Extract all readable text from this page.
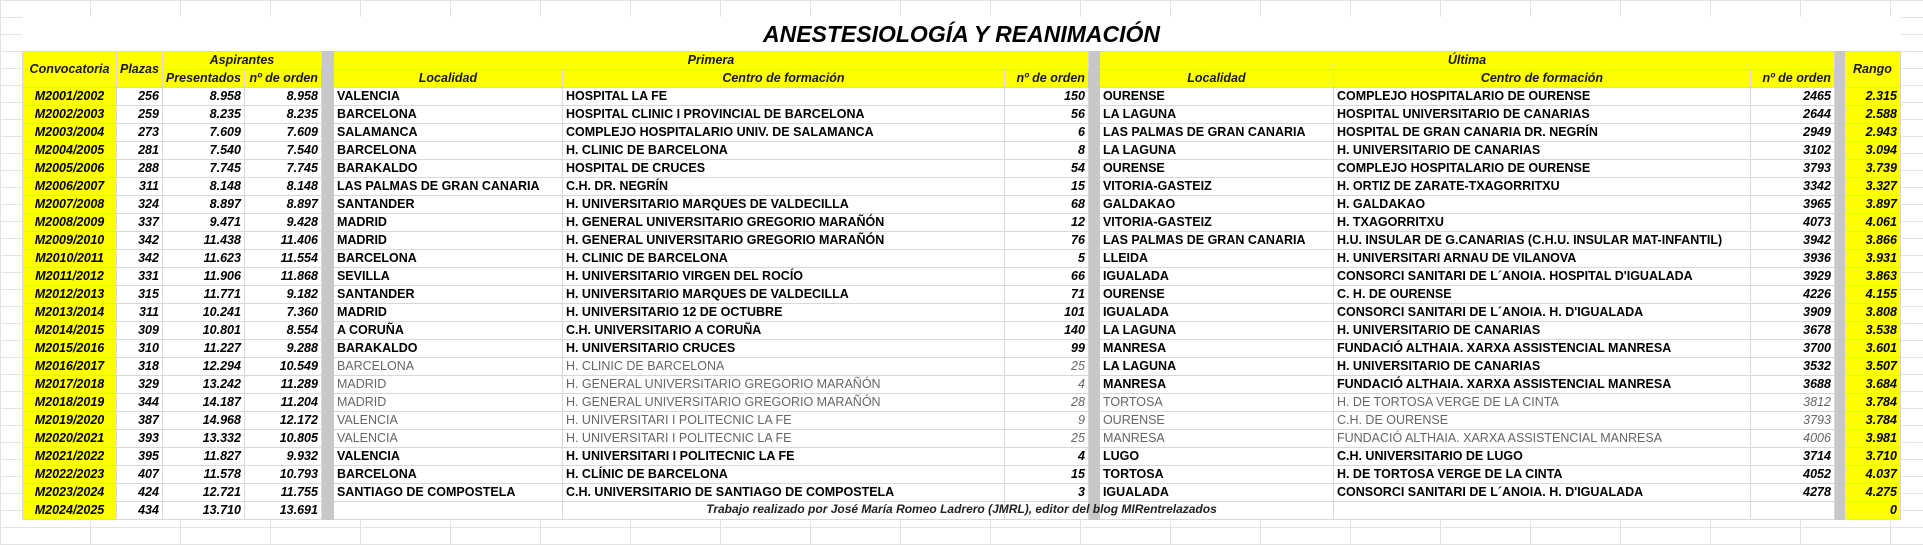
ANESTESIOLOGÍA Y REANIMACIÓN													
Convocatoria	Plazas	Aspirantes			Primera				Última				Rango
		Presentados	nº de orden		Localidad	Centro de formación	nº de orden		Localidad	Centro de formación	nº de orden		
M2001/2002	256	8.958	8.958		VALENCIA	HOSPITAL LA FE	150		OURENSE	COMPLEJO HOSPITALARIO DE OURENSE	2465		2.315
M2002/2003	259	8.235	8.235		BARCELONA	HOSPITAL CLINIC I PROVINCIAL DE BARCELONA	56		LA LAGUNA	HOSPITAL UNIVERSITARIO DE CANARIAS	2644		2.588
M2003/2004	273	7.609	7.609		SALAMANCA	COMPLEJO HOSPITALARIO UNIV. DE SALAMANCA	6		LAS PALMAS DE GRAN CANARIA	HOSPITAL DE GRAN CANARIA DR. NEGRÍN	2949		2.943
M2004/2005	281	7.540	7.540		BARCELONA	H. CLINIC DE BARCELONA	8		LA LAGUNA	H. UNIVERSITARIO DE CANARIAS	3102		3.094
M2005/2006	288	7.745	7.745		BARAKALDO	HOSPITAL DE CRUCES	54		OURENSE	COMPLEJO HOSPITALARIO DE OURENSE	3793		3.739
M2006/2007	311	8.148	8.148		LAS PALMAS DE GRAN CANARIA	C.H. DR. NEGRÍN	15		VITORIA-GASTEIZ	H. ORTIZ DE ZARATE-TXAGORRITXU	3342		3.327
M2007/2008	324	8.897	8.897		SANTANDER	H. UNIVERSITARIO MARQUES DE VALDECILLA	68		GALDAKAO	H. GALDAKAO	3965		3.897
M2008/2009	337	9.471	9.428		MADRID	H. GENERAL UNIVERSITARIO GREGORIO MARAÑÓN	12		VITORIA-GASTEIZ	H. TXAGORRITXU	4073		4.061
M2009/2010	342	11.438	11.406		MADRID	H. GENERAL UNIVERSITARIO GREGORIO MARAÑÓN	76		LAS PALMAS DE GRAN CANARIA	H.U. INSULAR DE G.CANARIAS (C.H.U. INSULAR MAT-INFANTIL)	3942		3.866
M2010/2011	342	11.623	11.554		BARCELONA	H. CLINIC DE BARCELONA	5		LLEIDA	H. UNIVERSITARI ARNAU DE VILANOVA	3936		3.931
M2011/2012	331	11.906	11.868		SEVILLA	H. UNIVERSITARIO VIRGEN DEL ROCÍO	66		IGUALADA	CONSORCI SANITARI DE L´ANOIA. HOSPITAL D'IGUALADA	3929		3.863
M2012/2013	315	11.771	9.182		SANTANDER	H. UNIVERSITARIO MARQUES DE VALDECILLA	71		OURENSE	C. H. DE OURENSE	4226		4.155
M2013/2014	311	10.241	7.360		MADRID	H. UNIVERSITARIO 12 DE OCTUBRE	101		IGUALADA	CONSORCI SANITARI DE L´ANOIA. H. D'IGUALADA	3909		3.808
M2014/2015	309	10.801	8.554		A CORUÑA	C.H. UNIVERSITARIO A CORUÑA	140		LA LAGUNA	H. UNIVERSITARIO DE CANARIAS	3678		3.538
M2015/2016	310	11.227	9.288		BARAKALDO	H. UNIVERSITARIO CRUCES	99		MANRESA	FUNDACIÓ ALTHAIA. XARXA ASSISTENCIAL MANRESA	3700		3.601
M2016/2017	318	12.294	10.549		BARCELONA	H. CLINIC DE BARCELONA	25		LA LAGUNA	H. UNIVERSITARIO DE CANARIAS	3532		3.507
M2017/2018	329	13.242	11.289		MADRID	H. GENERAL UNIVERSITARIO GREGORIO MARAÑÓN	4		MANRESA	FUNDACIÓ ALTHAIA. XARXA ASSISTENCIAL MANRESA	3688		3.684
M2018/2019	344	14.187	11.204		MADRID	H. GENERAL UNIVERSITARIO GREGORIO MARAÑÓN	28		TORTOSA	H. DE TORTOSA VERGE DE LA CINTA	3812		3.784
M2019/2020	387	14.968	12.172		VALENCIA	H. UNIVERSITARI I POLITECNIC LA FE	9		OURENSE	C.H. DE OURENSE	3793		3.784
M2020/2021	393	13.332	10.805		VALENCIA	H. UNIVERSITARI I POLITECNIC LA FE	25		MANRESA	FUNDACIÓ ALTHAIA. XARXA ASSISTENCIAL MANRESA	4006		3.981
M2021/2022	395	11.827	9.932		VALENCIA	H. UNIVERSITARI I POLITECNIC LA FE	4		LUGO	C.H. UNIVERSITARIO DE LUGO	3714		3.710
M2022/2023	407	11.578	10.793		BARCELONA	H. CLÍNIC DE BARCELONA	15		TORTOSA	H. DE TORTOSA VERGE DE LA CINTA	4052		4.037
M2023/2024	424	12.721	11.755		SANTIAGO DE COMPOSTELA	C.H. UNIVERSITARIO DE SANTIAGO DE COMPOSTELA	3		IGUALADA	CONSORCI SANITARI DE L´ANOIA. H. D'IGUALADA	4278		4.275
M2024/2025	434	13.710	13.691										0
Trabajo realizado por José María Romeo Ladrero (JMRL), editor del blog MIRentrelazados
